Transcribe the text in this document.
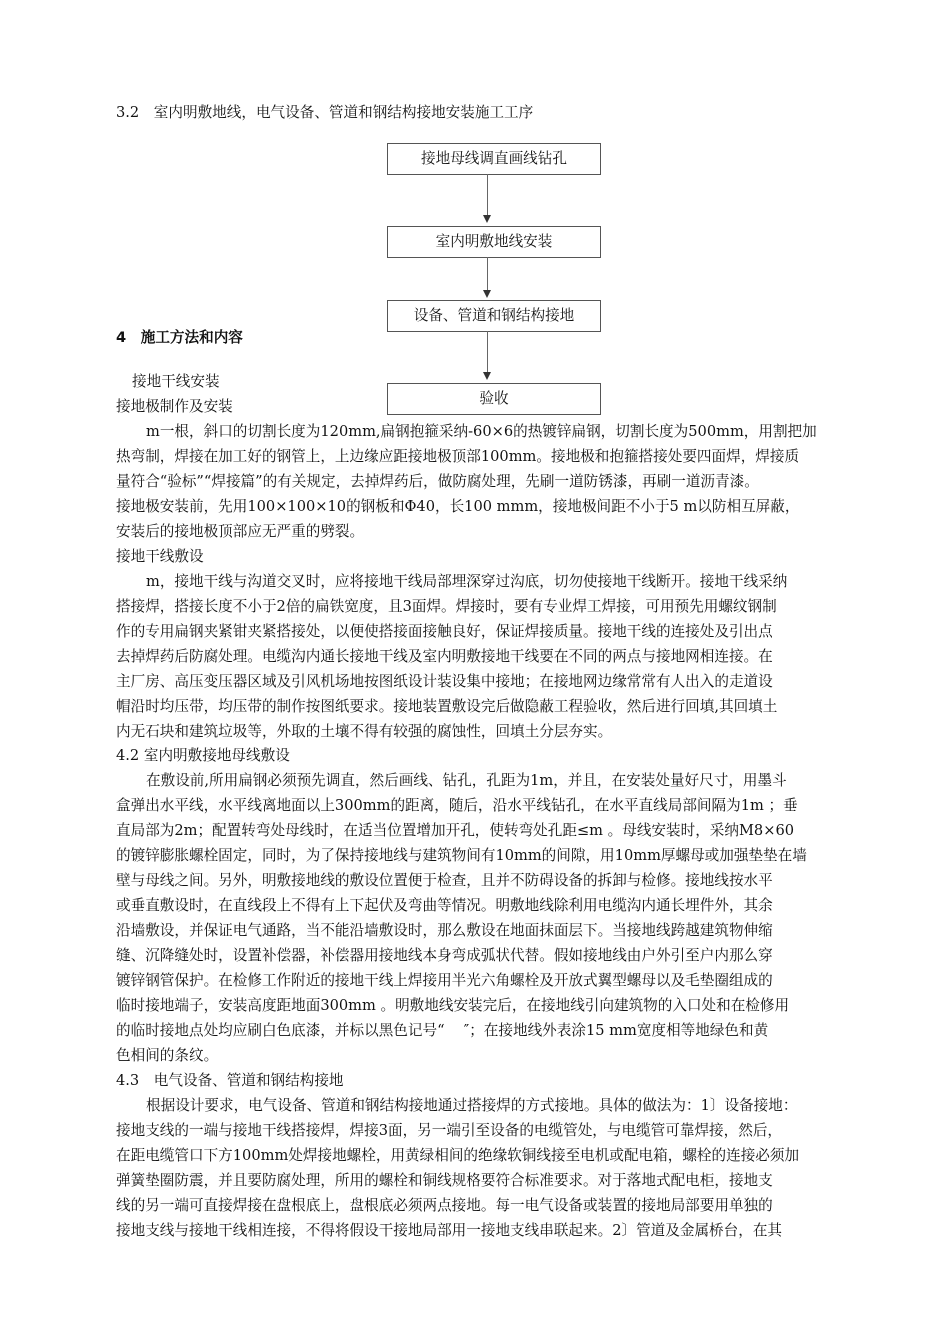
3.2　室内明敷地线，电气设备、管道和钢结构接地安装施工工序
接地母线调直画线钻孔
室内明敷地线安装
设备、管道和钢结构接地
验收
4　施工方法和内容
接地干线安装
接地极制作及安装
m一根，斜口的切割长度为120mm,扁钢抱箍采纳-60×6的热镀锌扁钢，切割长度为500mm，用割把加
热弯制，焊接在加工好的钢管上，上边缘应距接地极顶部100mm。接地极和抱箍搭接处要四面焊，焊接质
量符合“验标”“焊接篇”的有关规定，去掉焊药后，做防腐处理，先刷一道防锈漆，再刷一道沥青漆。
接地极安装前，先用100×100×10的钢板和Φ40，长100 mmm，接地极间距不小于5 m以防相互屏蔽，
安装后的接地极顶部应无严重的劈裂。
接地干线敷设
m，接地干线与沟道交叉时，应将接地干线局部埋深穿过沟底，切勿使接地干线断开。接地干线采纳
搭接焊，搭接长度不小于2倍的扁铁宽度，且3面焊。焊接时，要有专业焊工焊接，可用预先用螺纹钢制
作的专用扁钢夹紧钳夹紧搭接处，以便使搭接面接触良好，保证焊接质量。接地干线的连接处及引出点
去掉焊药后防腐处理。电缆沟内通长接地干线及室内明敷接地干线要在不同的两点与接地网相连接。在
主厂房、高压变压器区域及引风机场地按图纸设计装设集中接地；在接地网边缘常常有人出入的走道设
帽沿时均压带，均压带的制作按图纸要求。接地装置敷设完后做隐蔽工程验收，然后进行回填,其回填土
内无石块和建筑垃圾等，外取的土壤不得有较强的腐蚀性，回填土分层夯实。
4.2 室内明敷接地母线敷设
在敷设前,所用扁钢必须预先调直，然后画线、钻孔，孔距为1m，并且，在安装处量好尺寸，用墨斗
盒弹出水平线，水平线离地面以上300mm的距离，随后，沿水平线钻孔，在水平直线局部间隔为1m ；垂
直局部为2m；配置转弯处母线时，在适当位置增加开孔，使转弯处孔距≤m 。母线安装时，采纳M8×60
的镀锌膨胀螺栓固定，同时，为了保持接地线与建筑物间有10mm的间隙，用10mm厚螺母或加强垫垫在墙
壁与母线之间。另外，明敷接地线的敷设位置便于检查，且并不防碍设备的拆卸与检修。接地线按水平
或垂直敷设时，在直线段上不得有上下起伏及弯曲等情况。明敷地线除利用电缆沟内通长埋件外，其余
沿墙敷设，并保证电气通路，当不能沿墙敷设时，那么敷设在地面抹面层下。当接地线跨越建筑物伸缩
缝、沉降缝处时，设置补偿器，补偿器用接地线本身弯成弧状代替。假如接地线由户外引至户内那么穿
镀锌钢管保护。在检修工作附近的接地干线上焊接用半光六角螺栓及开放式翼型螺母以及毛垫圈组成的
临时接地端子，安装高度距地面300mm 。明敷地线安装完后，在接地线引向建筑物的入口处和在检修用
的临时接地点处均应刷白色底漆，并标以黑色记号“　 ″；在接地线外表涂15 mm宽度相等地绿色和黄
色相间的条纹。
4.3　电气设备、管道和钢结构接地
根据设计要求，电气设备、管道和钢结构接地通过搭接焊的方式接地。具体的做法为：1〕设备接地：
接地支线的一端与接地干线搭接焊，焊接3面，另一端引至设备的电缆管处，与电缆管可靠焊接，然后，
在距电缆管口下方100mm处焊接地螺栓，用黄绿相间的绝缘软铜线接至电机或配电箱，螺栓的连接必须加
弹簧垫圈防震，并且要防腐处理，所用的螺栓和铜线规格要符合标准要求。对于落地式配电柜，接地支
线的另一端可直接焊接在盘根底上，盘根底必须两点接地。每一电气设备或装置的接地局部要用单独的
接地支线与接地干线相连接，不得将假设干接地局部用一接地支线串联起来。2〕管道及金属桥台，在其
